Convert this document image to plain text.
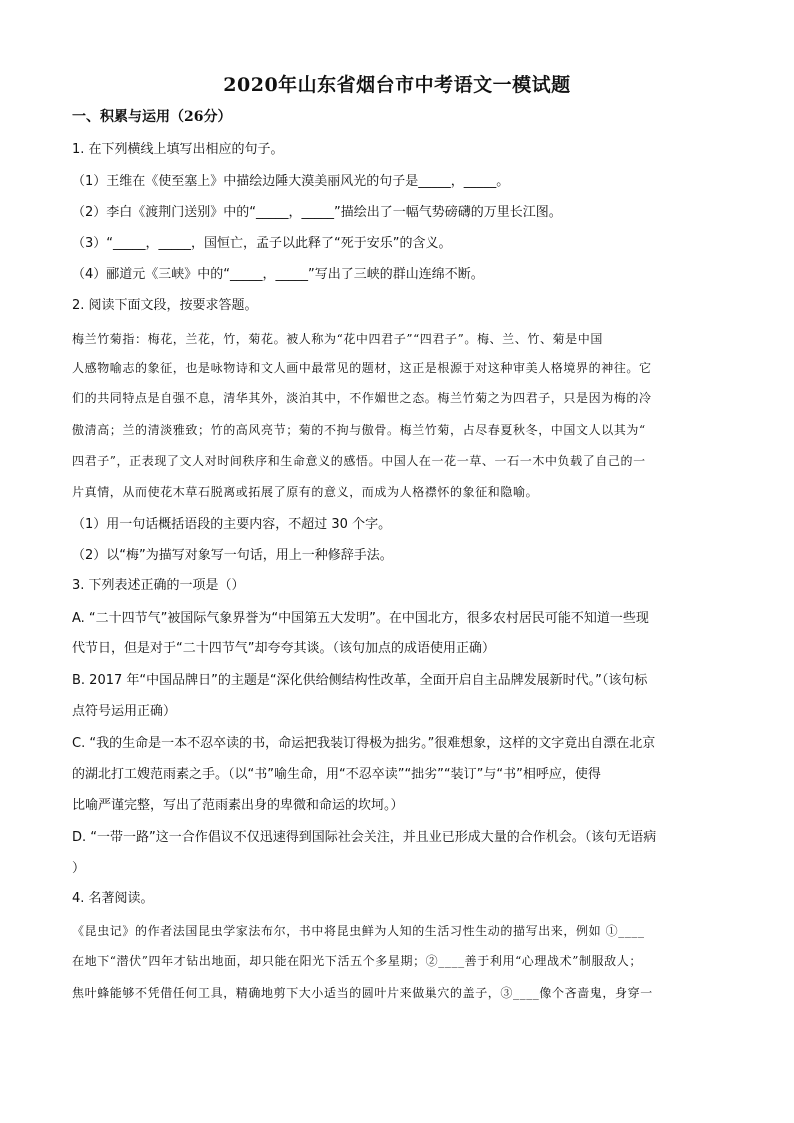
2020年山东省烟台市中考语文一模试题
一、积累与运用（26分）
1. 在下列横线上填写出相应的句子。
（1）王维在《使至塞上》中描绘边陲大漠美丽风光的句子是_____，_____。
（2）李白《渡荆门送别》中的“_____，_____”描绘出了一幅气势磅礴的万里长江图。
（3）“_____，_____，国恒亡，孟子以此释了“死于安乐”的含义。
（4）郦道元《三峡》中的“_____，_____”写出了三峡的群山连绵不断。
2. 阅读下面文段，按要求答题。
梅兰竹菊指：梅花，兰花，竹，菊花。被人称为“花中四君子”“四君子”。梅、兰、竹、菊是中国
人感物喻志的象征，也是咏物诗和文人画中最常见的题材，这正是根源于对这种审美人格境界的神往。它
们的共同特点是自强不息，清华其外，淡泊其中，不作媚世之态。梅兰竹菊之为四君子，只是因为梅的冷
傲清高；兰的清淡雅致；竹的高风亮节；菊的不拘与傲骨。梅兰竹菊，占尽春夏秋冬，中国文人以其为“
四君子”，正表现了文人对时间秩序和生命意义的感悟。中国人在一花一草、一石一木中负载了自己的一
片真情，从而使花木草石脱离或拓展了原有的意义，而成为人格襟怀的象征和隐喻。
（1）用一句话概括语段的主要内容，不超过 30 个字。
（2）以“梅”为描写对象写一句话，用上一种修辞手法。
3. 下列表述正确的一项是（）
A. “二十四节气”被国际气象界誉为“中国第五大发明”。在中国北方，很多农村居民可能不知道一些现
代节日，但是对于“二十四节气”却夸夸其谈。（该句加点的成语使用正确）
B. 2017 年“中国品牌日”的主题是“深化供给侧结构性改革，全面开启自主品牌发展新时代。”（该句标
点符号运用正确）
C. “我的生命是一本不忍卒读的书，命运把我装订得极为拙劣。”很难想象，这样的文字竟出自漂在北京
的湖北打工嫂范雨素之手。（以“书”喻生命，用“不忍卒读”“拙劣”“装订”与“书”相呼应，使得
比喻严谨完整，写出了范雨素出身的卑微和命运的坎坷。）
D. “一带一路”这一合作倡议不仅迅速得到国际社会关注，并且业已形成大量的合作机会。（该句无语病
）
4. 名著阅读。
《昆虫记》的作者法国昆虫学家法布尔，书中将昆虫鲜为人知的生活习性生动的描写出来，例如 ①____
在地下“潜伏”四年才钻出地面，却只能在阳光下活五个多星期；②____善于利用“心理战术”制服敌人；
焦叶蜂能够不凭借任何工具，精确地剪下大小适当的圆叶片来做巢穴的盖子，③____像个吝啬鬼，身穿一
